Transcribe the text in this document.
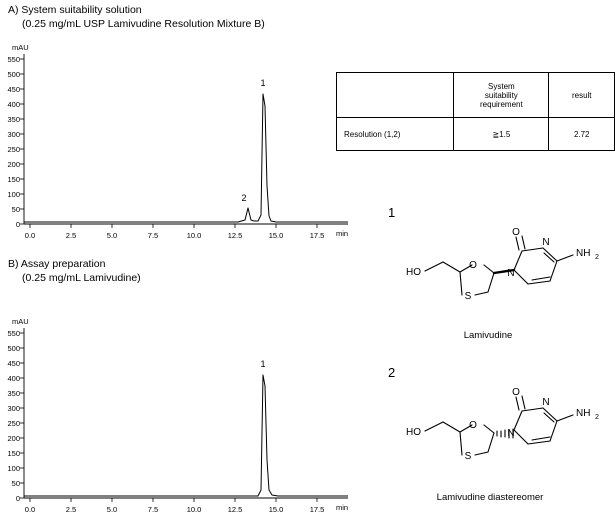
A) System suitability solution
(0.25 mg/mL USP Lamivudine Resolution Mixture B)
mAU
550
500
450
400
350
300
250
200
150
100
50
0
0.0	2.5	5.0	7.5	10.0	12.5	15.0	17.5 min
1
2

	System
suitability
requirement	result
Resolution (1,2)	≧1.5	2.72
1
HO
O
S
O
N
N
NH 2
Lamivudine
B) Assay preparation
(0.25 mg/mL Lamivudine)
mAU
550
500
450
400
350
300
250
200
150
100
50
0
0.0	2.5	5.0	7.5	10.0	12.5	15.0	17.5 min
1
2
HO
O
S
O
N
N
NH 2
Lamivudine diastereomer
